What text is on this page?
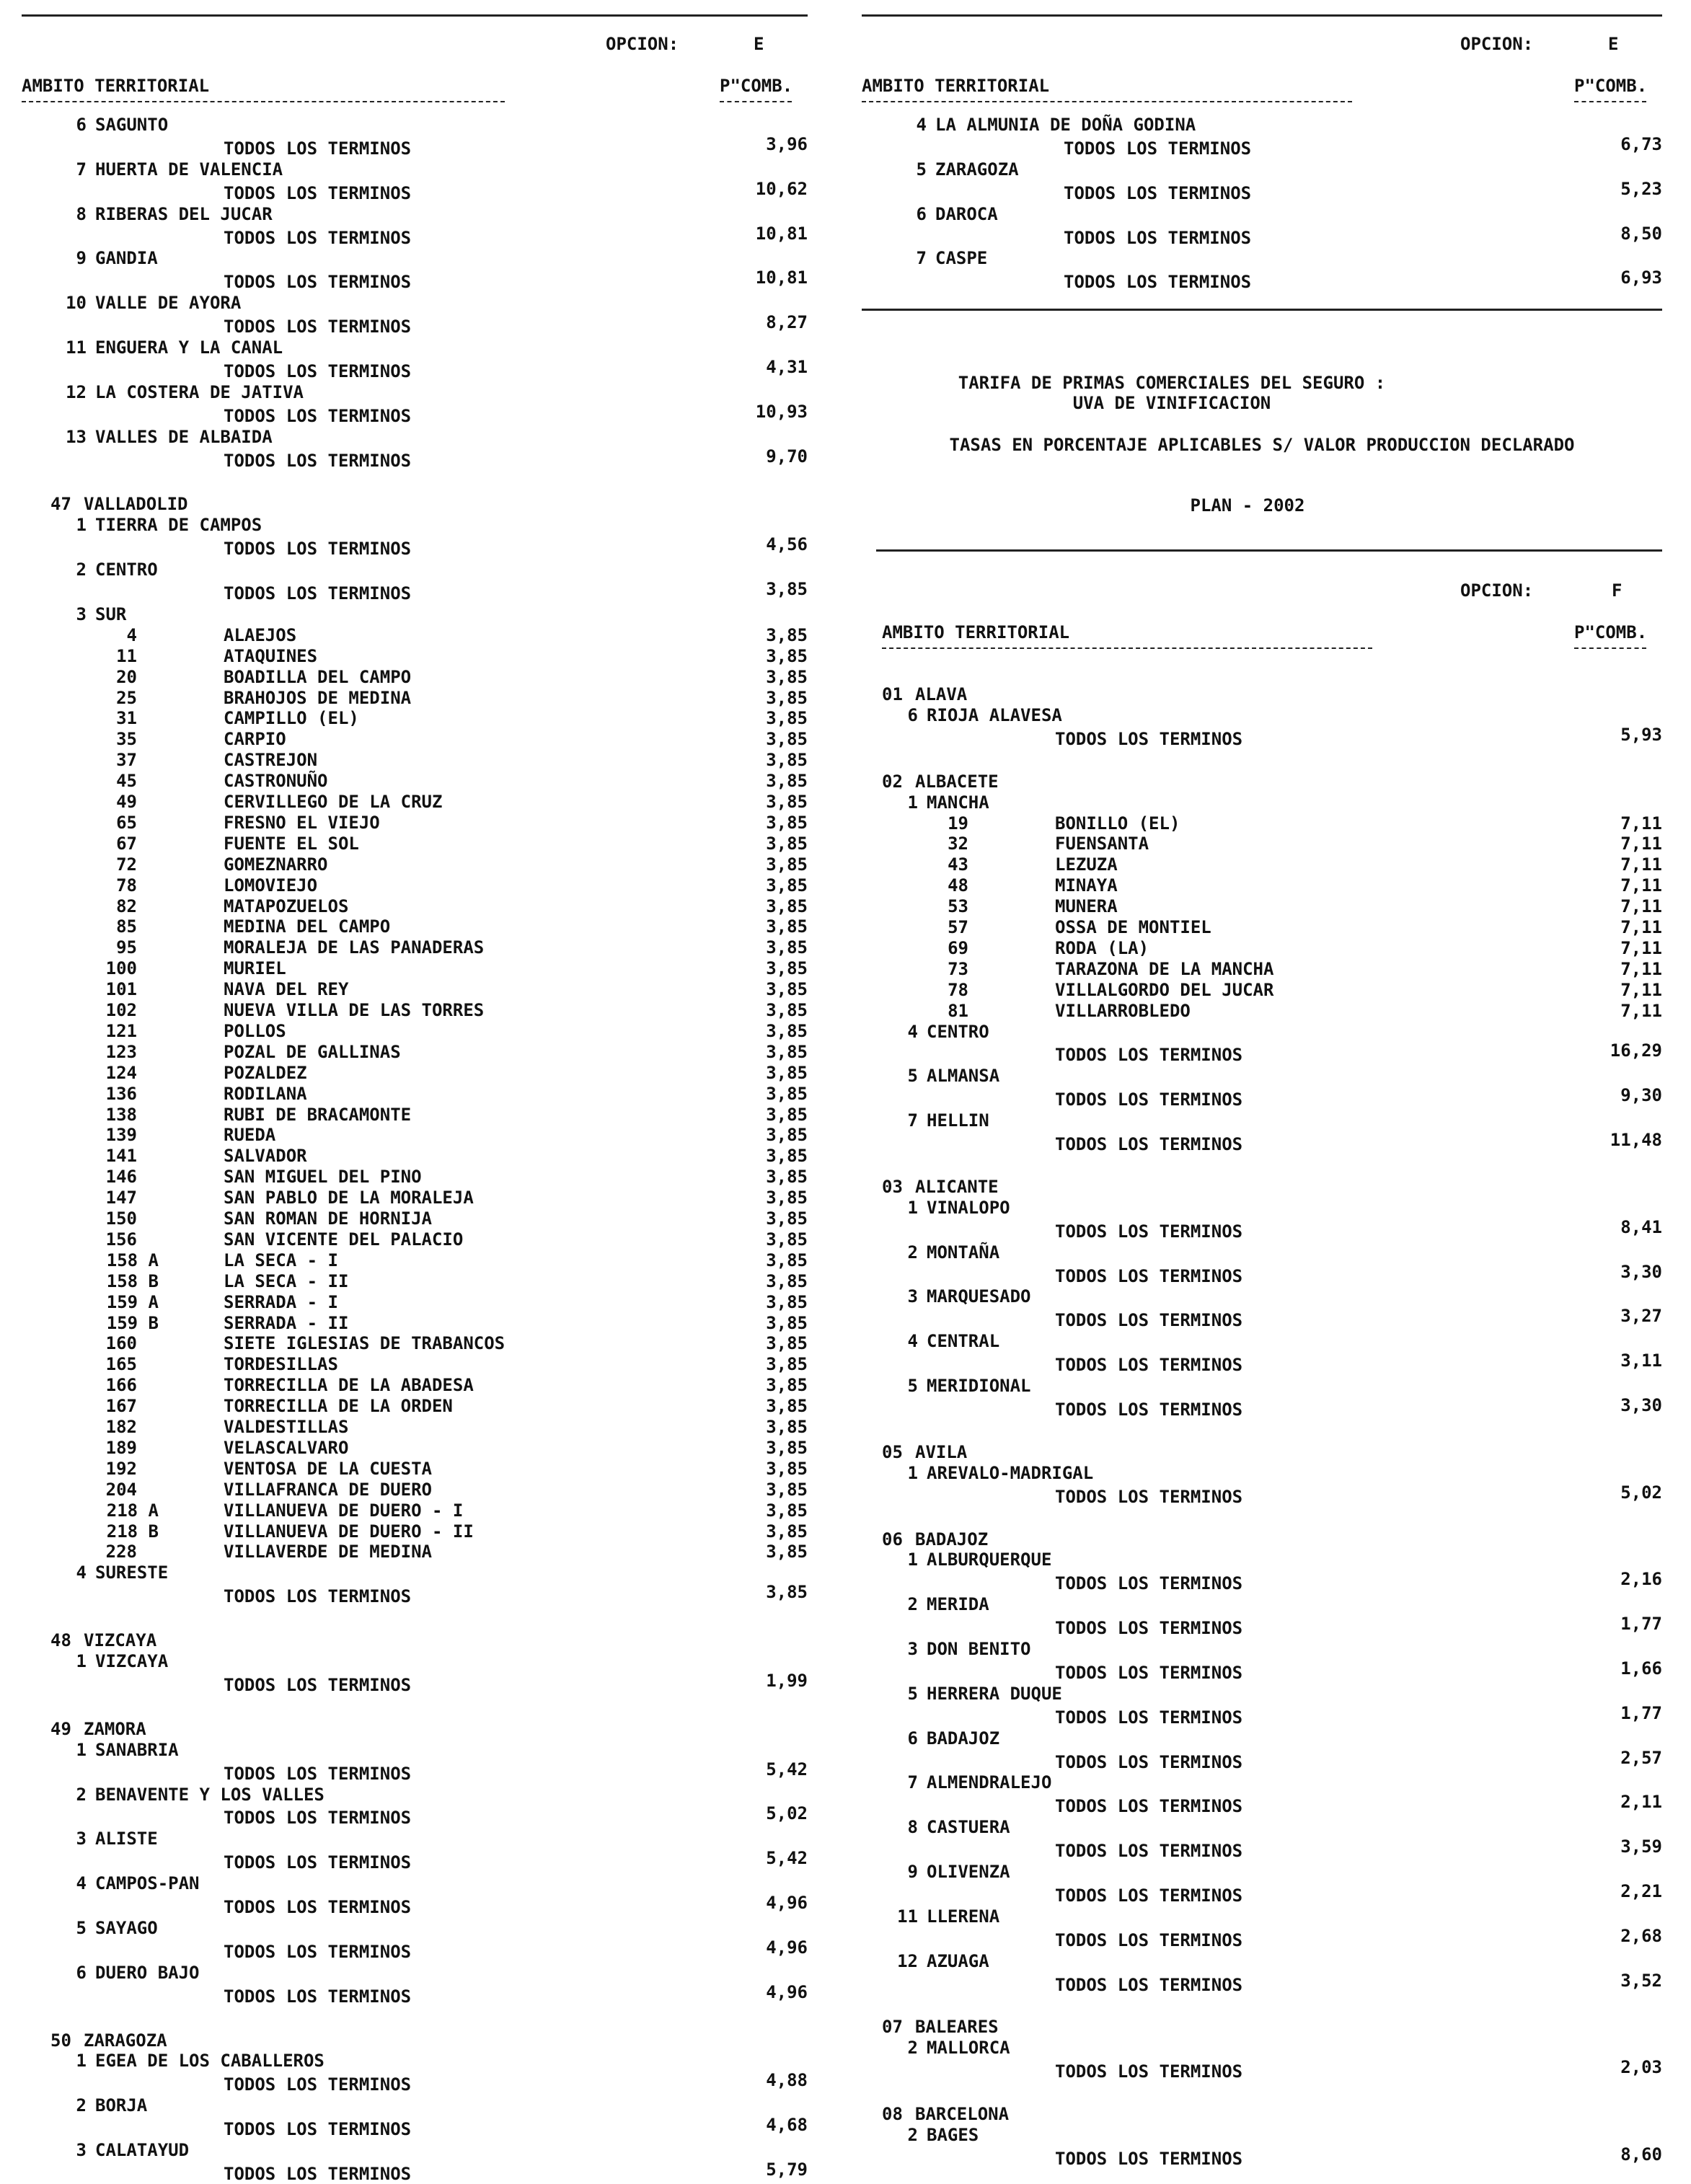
OPCION:	E
AMBITO TERRITORIAL	P"COMB.
6 SAGUNTO
TODOS LOS TERMINOS	3,96
7 HUERTA DE VALENCIA
TODOS LOS TERMINOS	10,62
8 RIBERAS DEL JUCAR
TODOS LOS TERMINOS	10,81
9 GANDIA
TODOS LOS TERMINOS	10,81
10 VALLE DE AYORA
TODOS LOS TERMINOS	8,27
11 ENGUERA Y LA CANAL
TODOS LOS TERMINOS	4,31
12 LA COSTERA DE JATIVA
TODOS LOS TERMINOS	10,93
13 VALLES DE ALBAIDA
TODOS LOS TERMINOS	9,70
47 VALLADOLID
1 TIERRA DE CAMPOS
TODOS LOS TERMINOS	4,56
2 CENTRO
TODOS LOS TERMINOS	3,85
3 SUR
4	ALAEJOS	3,85
11	ATAQUINES	3,85
20	BOADILLA DEL CAMPO	3,85
25	BRAHOJOS DE MEDINA	3,85
31	CAMPILLO (EL)	3,85
35	CARPIO	3,85
37	CASTREJON	3,85
45	CASTRONUÑO	3,85
49	CERVILLEGO DE LA CRUZ	3,85
65	FRESNO EL VIEJO	3,85
67	FUENTE EL SOL	3,85
72	GOMEZNARRO	3,85
78	LOMOVIEJO	3,85
82	MATAPOZUELOS	3,85
85	MEDINA DEL CAMPO	3,85
95	MORALEJA DE LAS PANADERAS	3,85
100	MURIEL	3,85
101	NAVA DEL REY	3,85
102	NUEVA VILLA DE LAS TORRES	3,85
121	POLLOS	3,85
123	POZAL DE GALLINAS	3,85
124	POZALDEZ	3,85
136	RODILANA	3,85
138	RUBI DE BRACAMONTE	3,85
139	RUEDA	3,85
141	SALVADOR	3,85
146	SAN MIGUEL DEL PINO	3,85
147	SAN PABLO DE LA MORALEJA	3,85
150	SAN ROMAN DE HORNIJA	3,85
156	SAN VICENTE DEL PALACIO	3,85
158 A	LA SECA - I	3,85
158 B	LA SECA - II	3,85
159 A	SERRADA - I	3,85
159 B	SERRADA - II	3,85
160	SIETE IGLESIAS DE TRABANCOS	3,85
165	TORDESILLAS	3,85
166	TORRECILLA DE LA ABADESA	3,85
167	TORRECILLA DE LA ORDEN	3,85
182	VALDESTILLAS	3,85
189	VELASCALVARO	3,85
192	VENTOSA DE LA CUESTA	3,85
204	VILLAFRANCA DE DUERO	3,85
218 A	VILLANUEVA DE DUERO - I	3,85
218 B	VILLANUEVA DE DUERO - II	3,85
228	VILLAVERDE DE MEDINA	3,85
4 SURESTE
TODOS LOS TERMINOS	3,85
48 VIZCAYA
1 VIZCAYA
TODOS LOS TERMINOS	1,99
49 ZAMORA
1 SANABRIA
TODOS LOS TERMINOS	5,42
2 BENAVENTE Y LOS VALLES
TODOS LOS TERMINOS	5,02
3 ALISTE
TODOS LOS TERMINOS	5,42
4 CAMPOS-PAN
TODOS LOS TERMINOS	4,96
5 SAYAGO
TODOS LOS TERMINOS	4,96
6 DUERO BAJO
TODOS LOS TERMINOS	4,96
50 ZARAGOZA
1 EGEA DE LOS CABALLEROS
TODOS LOS TERMINOS	4,88
2 BORJA
TODOS LOS TERMINOS	4,68
3 CALATAYUD
TODOS LOS TERMINOS	5,79
OPCION:	E
AMBITO TERRITORIAL	P"COMB.
4 LA ALMUNIA DE DOÑA GODINA
TODOS LOS TERMINOS	6,73
5 ZARAGOZA
TODOS LOS TERMINOS	5,23
6 DAROCA
TODOS LOS TERMINOS	8,50
7 CASPE
TODOS LOS TERMINOS	6,93
TARIFA DE PRIMAS COMERCIALES DEL SEGURO :
UVA DE VINIFICACION
TASAS EN PORCENTAJE APLICABLES S/ VALOR PRODUCCION DECLARADO
PLAN - 2002
OPCION:	F
AMBITO TERRITORIAL	P"COMB.
01 ALAVA
6 RIOJA ALAVESA
TODOS LOS TERMINOS	5,93
02 ALBACETE
1 MANCHA
19	BONILLO (EL)	7,11
32	FUENSANTA	7,11
43	LEZUZA	7,11
48	MINAYA	7,11
53	MUNERA	7,11
57	OSSA DE MONTIEL	7,11
69	RODA (LA)	7,11
73	TARAZONA DE LA MANCHA	7,11
78	VILLALGORDO DEL JUCAR	7,11
81	VILLARROBLEDO	7,11
4 CENTRO
TODOS LOS TERMINOS	16,29
5 ALMANSA
TODOS LOS TERMINOS	9,30
7 HELLIN
TODOS LOS TERMINOS	11,48
03 ALICANTE
1 VINALOPO
TODOS LOS TERMINOS	8,41
2 MONTAÑA
TODOS LOS TERMINOS	3,30
3 MARQUESADO
TODOS LOS TERMINOS	3,27
4 CENTRAL
TODOS LOS TERMINOS	3,11
5 MERIDIONAL
TODOS LOS TERMINOS	3,30
05 AVILA
1 AREVALO-MADRIGAL
TODOS LOS TERMINOS	5,02
06 BADAJOZ
1 ALBURQUERQUE
TODOS LOS TERMINOS	2,16
2 MERIDA
TODOS LOS TERMINOS	1,77
3 DON BENITO
TODOS LOS TERMINOS	1,66
5 HERRERA DUQUE
TODOS LOS TERMINOS	1,77
6 BADAJOZ
TODOS LOS TERMINOS	2,57
7 ALMENDRALEJO
TODOS LOS TERMINOS	2,11
8 CASTUERA
TODOS LOS TERMINOS	3,59
9 OLIVENZA
TODOS LOS TERMINOS	2,21
11 LLERENA
TODOS LOS TERMINOS	2,68
12 AZUAGA
TODOS LOS TERMINOS	3,52
07 BALEARES
2 MALLORCA
TODOS LOS TERMINOS	2,03
08 BARCELONA
2 BAGES
TODOS LOS TERMINOS	8,60
